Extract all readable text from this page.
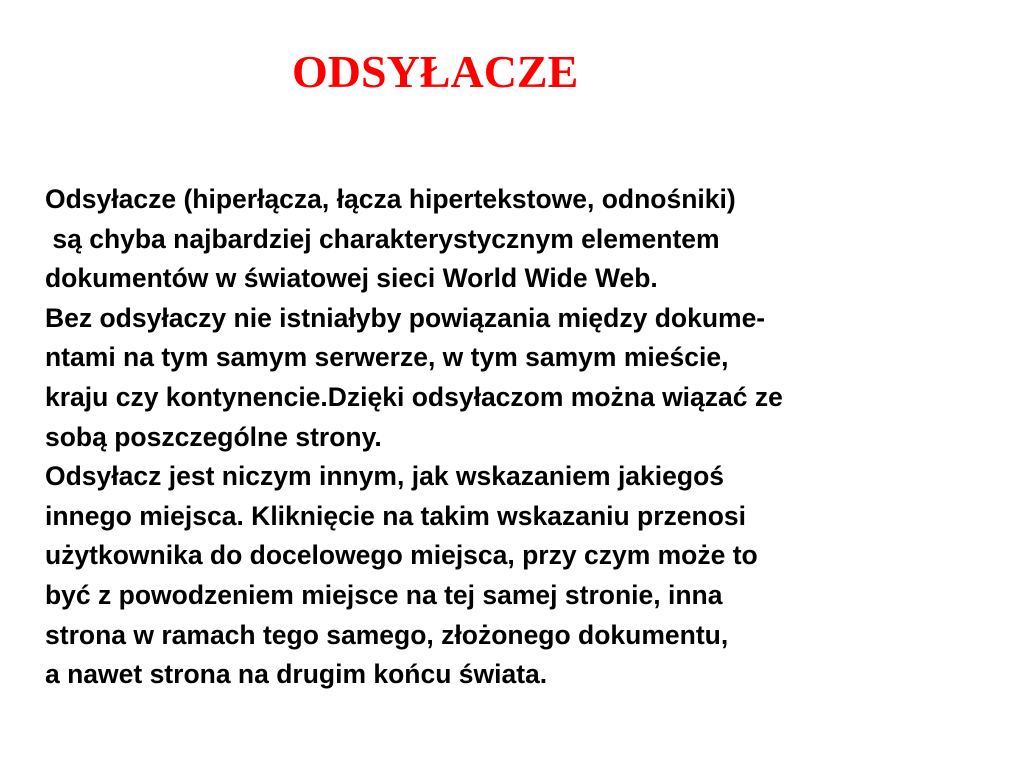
ODSYŁACZE
Odsyłacze (hiperłącza, łącza hipertekstowe, odnośniki)
są chyba najbardziej charakterystycznym elementem
dokumentów w światowej sieci World Wide Web.
Bez odsyłaczy nie istniałyby powiązania między dokume-
ntami na tym samym serwerze, w tym samym mieście,
kraju czy kontynencie.Dzięki odsyłaczom można wiązać ze
sobą poszczególne strony.
Odsyłacz jest niczym innym, jak wskazaniem jakiegoś
innego miejsca. Kliknięcie na takim wskazaniu przenosi
użytkownika do docelowego miejsca, przy czym może to
być z powodzeniem miejsce na tej samej stronie, inna
strona w ramach tego samego, złożonego dokumentu,
a nawet strona na drugim końcu świata.
